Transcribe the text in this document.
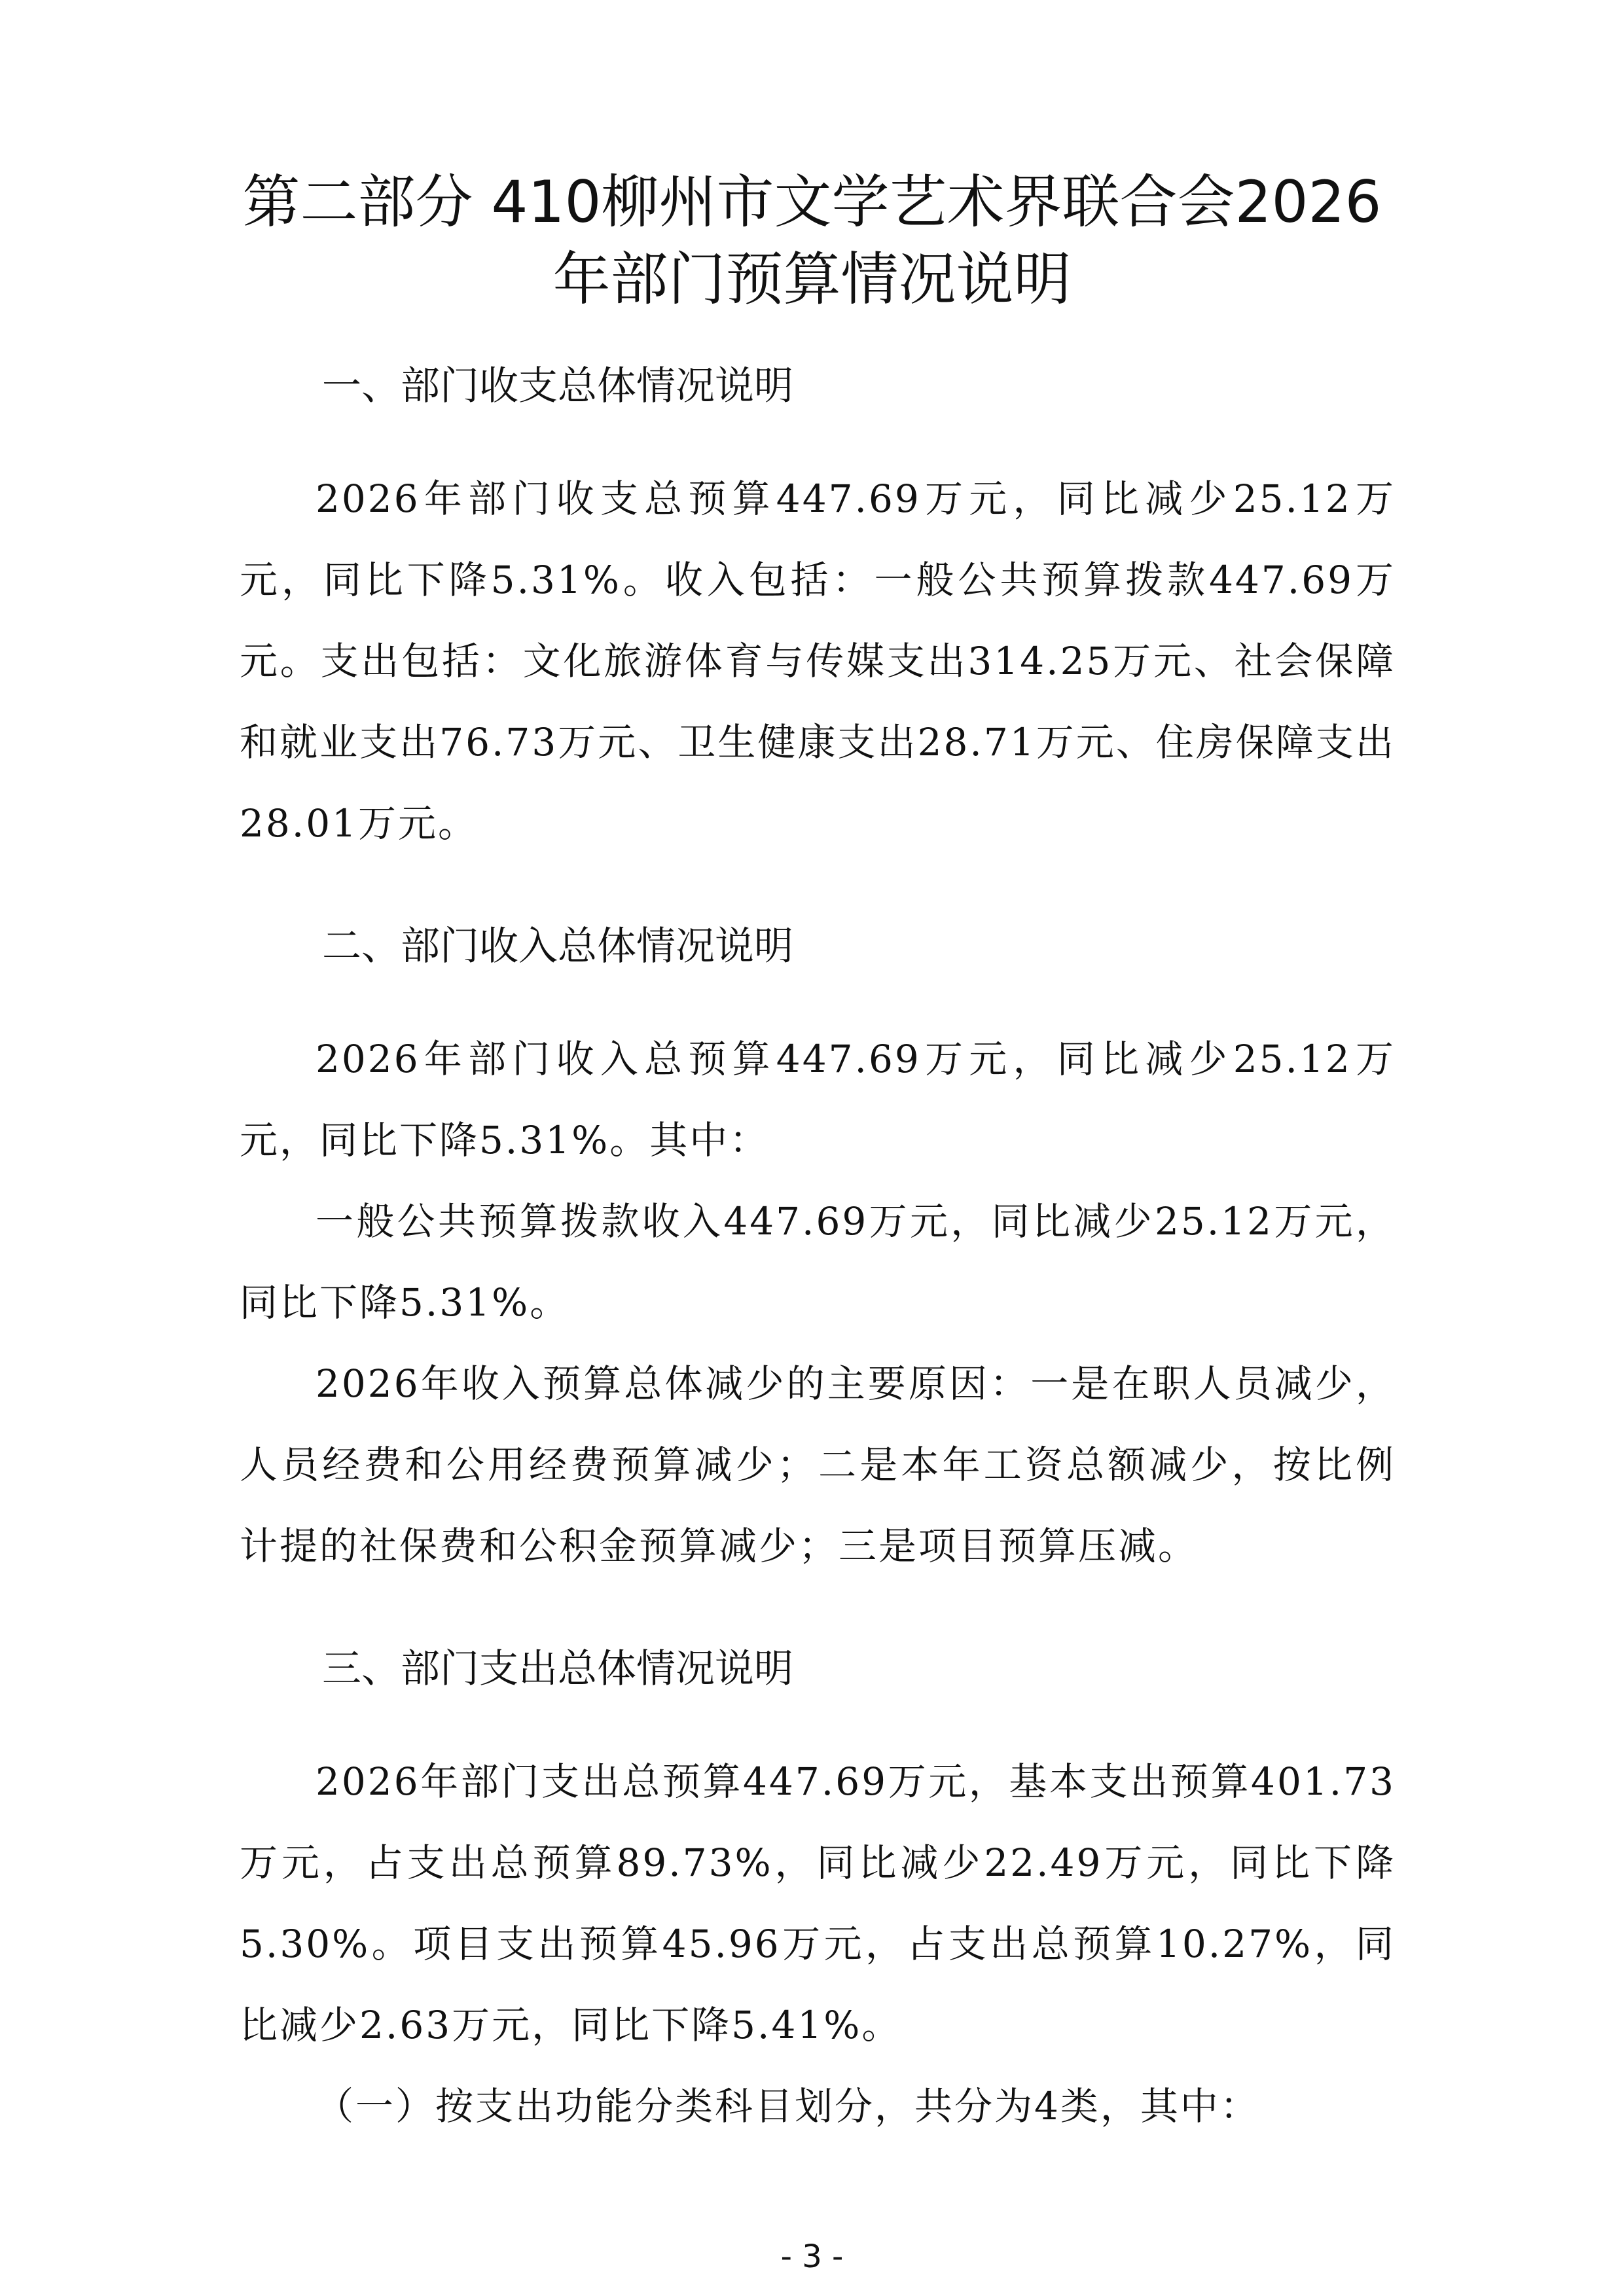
第二部分 410柳州市文学艺术界联合会2026
年部门预算情况说明
一、部门收支总体情况说明

2026年部门收支总预算447.69万元，同比减少25.12万元，同比下降5.31%。收入包括：一般公共预算拨款447.69万元。支出包括：文化旅游体育与传媒支出314.25万元、社会保障和就业支出76.73万元、卫生健康支出28.71万元、住房保障支出28.01万元。

二、部门收入总体情况说明

2026年部门收入总预算447.69万元，同比减少25.12万元，同比下降5.31%。其中：

一般公共预算拨款收入447.69万元，同比减少25.12万元，同比下降5.31%。

2026年收入预算总体减少的主要原因：一是在职人员减少，人员经费和公用经费预算减少；二是本年工资总额减少，按比例计提的社保费和公积金预算减少；三是项目预算压减。

三、部门支出总体情况说明

2026年部门支出总预算447.69万元，基本支出预算401.73万元，占支出总预算89.73%，同比减少22.49万元，同比下降5.30%。项目支出预算45.96万元，占支出总预算10.27%，同比减少2.63万元，同比下降5.41%。

（一）按支出功能分类科目划分，共分为4类，其中：

- 3 -
